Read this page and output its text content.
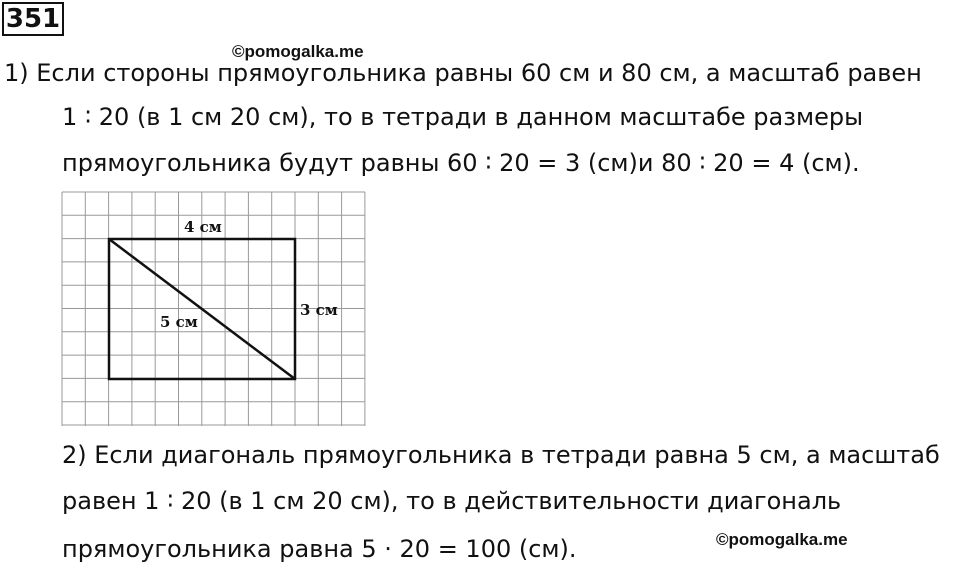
351
©pomogalka.me
1) Если стороны прямоугольника равны 60 см и 80 см, а масштаб равен
1 ∶ 20 (в 1 см 20 см), то в тетради в данном масштабе размеры
прямоугольника будут равны 60 ∶ 20 = 3 (см)и 80 ∶ 20 = 4 (см).
4 см
3 см
5 см
2) Если диагональ прямоугольника в тетради равна 5 см, а масштаб
равен 1 ∶ 20 (в 1 см 20 см), то в действительности диагональ
прямоугольника равна 5 ⋅ 20 = 100 (см).	©pomogalka.me
